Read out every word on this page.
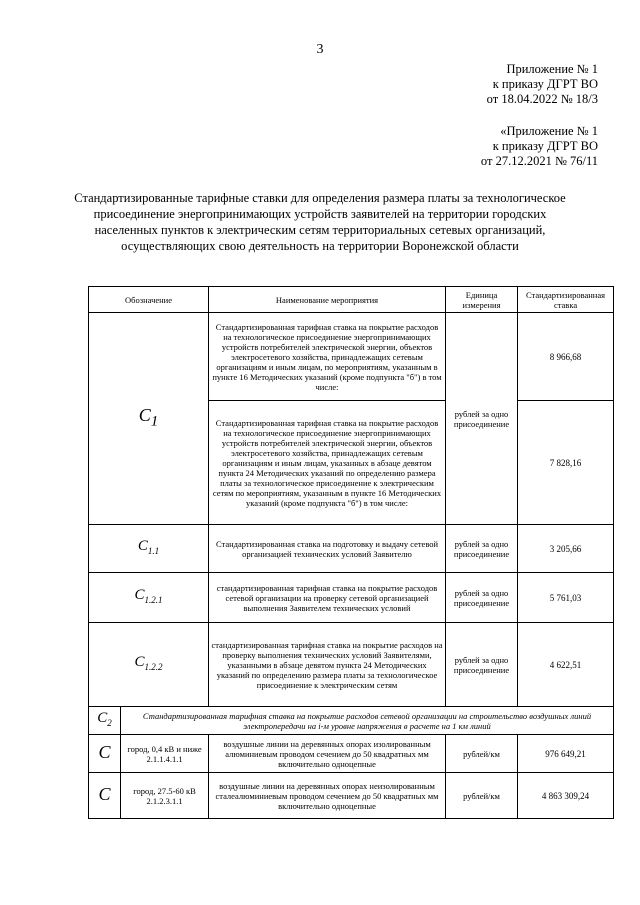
3
Приложение № 1
к приказу ДГРТ ВО
от 18.04.2022 № 18/3
«Приложение № 1
к приказу ДГРТ ВО
от 27.12.2021 № 76/11
Стандартизированные тарифные ставки для определения размера платы за технологическое присоединение энергопринимающих устройств заявителей на территории городских населенных пунктов к электрическим сетям территориальных сетевых организаций, осуществляющих свою деятельность на территории Воронежской области
Обозначение		Наименование мероприятия	Единица измерения	Стандартизированная ставка
$C_1$		Стандартизированная тарифная ставка на покрытие расходов на технологическое присоединение энергопринимающих устройств потребителей электрической энергии, объектов электросетевого хозяйства, принадлежащих сетевым организациям и иным лицам, по мероприятиям, указанным в пункте 16 Методических указаний (кроме подпункта "б") в том числе:	рублей за одно присоединение	8 966,68
		Стандартизированная тарифная ставка на покрытие расходов на технологическое присоединение энергопринимающих устройств потребителей электрической энергии, объектов электросетевого хозяйства, принадлежащих сетевым организациям и иным лицам, указанных в абзаце девятом пункта 24 Методических указаний по определению размера платы за технологическое присоединение к электрическим сетям по мероприятиям, указанным в пункте 16 Методических указаний (кроме подпункта "б") в том числе:		7 828,16
$C_{1.1}$		Стандартизированная ставка на подготовку и выдачу сетевой организацией технических условий Заявителю	рублей за одно присоединение	3 205,66
$C_{1.2.1}$		стандартизированная тарифная ставка на покрытие расходов сетевой организации на проверку сетевой организацией выполнения Заявителем технических условий	рублей за одно присоединение	5 761,03
$C_{1.2.2}$		стандартизированная тарифная ставка на покрытие расходов на проверку выполнения технических условий Заявителями, указанными в абзаце девятом пункта 24 Методических указаний по определению размера платы за технологическое присоединение к электрическим сетям	рублей за одно присоединение	4 622,51
$C_2$	Стандартизированная тарифная ставка на покрытие расходов сетевой организации на строительство воздушных линий электропередачи на i-м уровне напряжения в расчете на 1 км линий			
C	город, 0,4 кВ и ниже 2.1.1.4.1.1	воздушные линии на деревянных опорах изолированным алюминиевым проводом сечением до 50 квадратных мм включительно одноцепные	рублей/км	976 649,21
C	город, 27.5-60 кВ 2.1.2.3.1.1	воздушные линии на деревянных опорах неизолированным сталеалюминиевым проводом сечением до 50 квадратных мм включительно одноцепные	рублей/км	4 863 309,24
